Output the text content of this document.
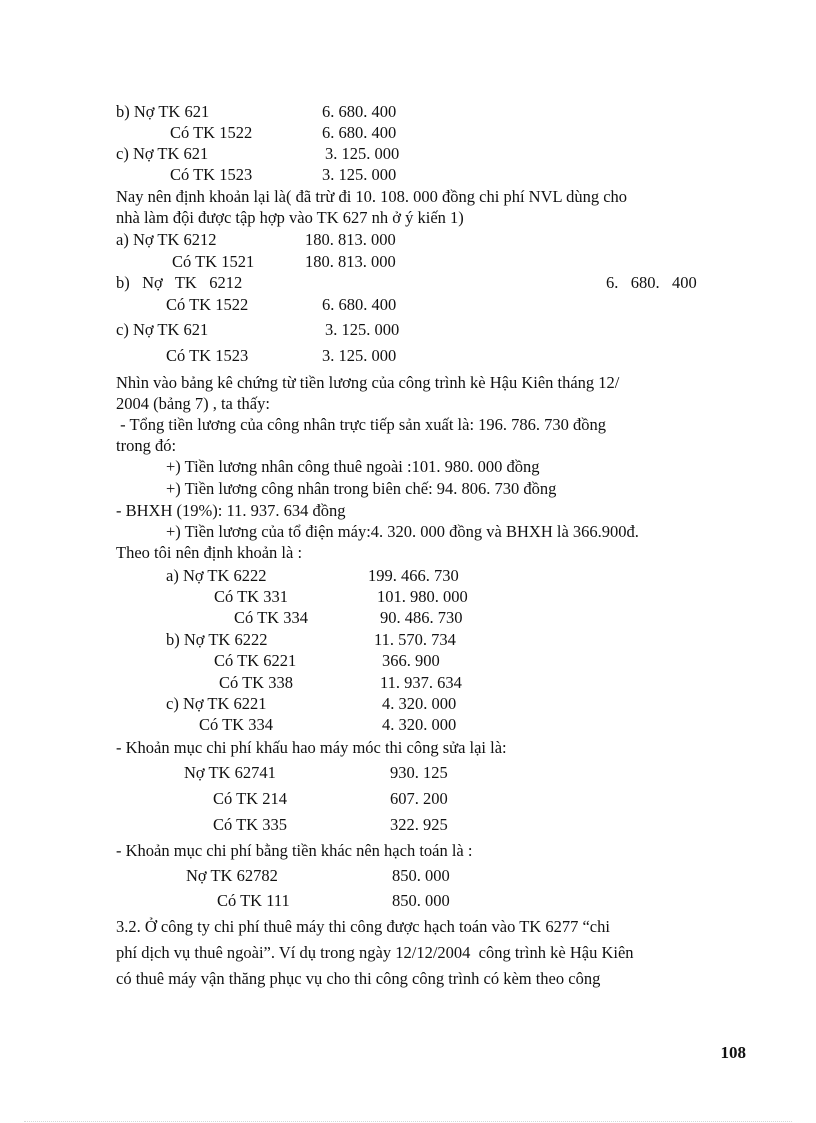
b) Nợ TK 621	6. 680. 400
Có TK 1522	6. 680. 400
c) Nợ TK 621	3. 125. 000
Có TK 1523	3. 125. 000
Nay nên định khoản lại là( đã trừ đi 10. 108. 000 đồng chi phí NVL dùng cho
nhà làm đội được tập hợp vào TK 627 nh ở ý kiến 1)
a) Nợ TK 6212	180. 813. 000
Có TK 1521	180. 813. 000
b)   Nợ   TK   6212	6.   680.   400
Có TK 1522	6. 680. 400
c) Nợ TK 621	3. 125. 000
Có TK 1523	3. 125. 000
Nhìn vào bảng kê chứng từ tiền lương của công trình kè Hậu Kiên tháng 12/
2004 (bảng 7) , ta thấy:
- Tổng tiền lương của công nhân trực tiếp sản xuất là: 196. 786. 730 đồng
trong đó:
+) Tiền lương nhân công thuê ngoài :101. 980. 000 đồng
+) Tiền lương công nhân trong biên chế: 94. 806. 730 đồng
- BHXH (19%): 11. 937. 634 đồng
+) Tiền lương của tổ điện máy:4. 320. 000 đồng và BHXH là 366.900đ.
Theo tôi nên định khoản là :
a) Nợ TK 6222	199. 466. 730
Có TK 331	101. 980. 000
Có TK 334	90. 486. 730
b) Nợ TK 6222	11. 570. 734
Có TK 6221	366. 900
Có TK 338	11. 937. 634
c) Nợ TK 6221	4. 320. 000
Có TK 334	4. 320. 000
- Khoản mục chi phí khấu hao máy móc thi công sửa lại là:
Nợ TK 62741	930. 125
Có TK 214	607. 200
Có TK 335	322. 925
- Khoản mục chi phí bằng tiền khác nên hạch toán là :
Nợ TK 62782	850. 000
Có TK 111	850. 000
3.2. Ở công ty chi phí thuê máy thi công được hạch toán vào TK 6277 “chi
phí dịch vụ thuê ngoài”. Ví dụ trong ngày 12/12/2004  công trình kè Hậu Kiên
có thuê máy vận thăng phục vụ cho thi công công trình có kèm theo công
108
